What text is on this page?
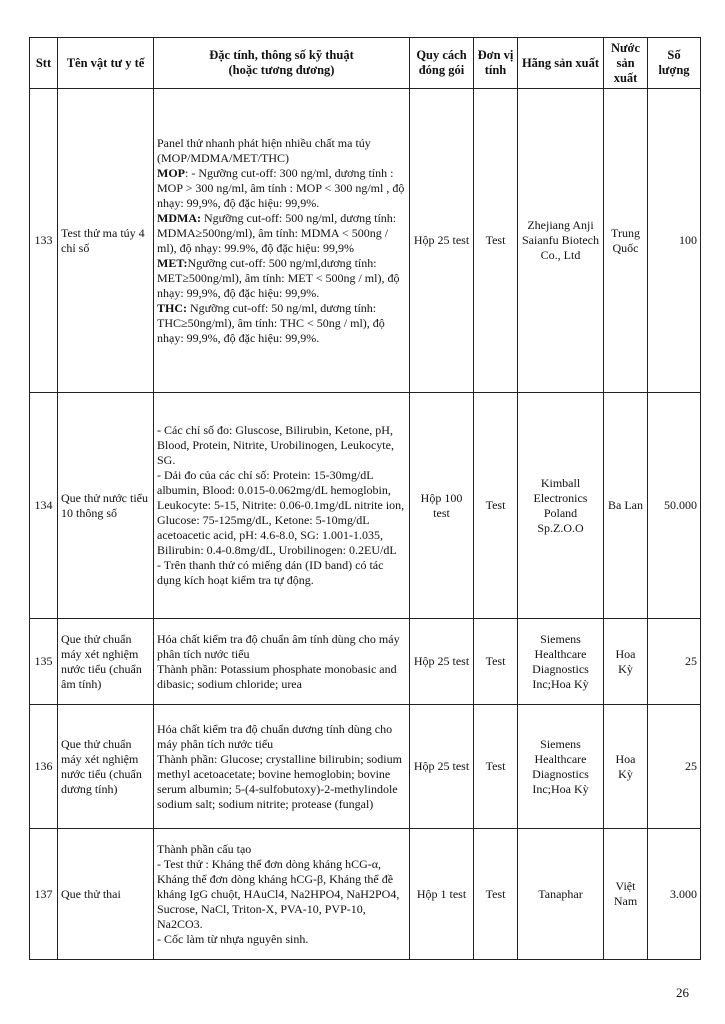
Stt	Tên vật tư y tế	Đặc tính, thông số kỹ thuật
(hoặc tương đương)	Quy cách đóng gói	Đơn vị tính	Hãng sản xuất	Nước sản xuất	Số lượng
133	Test thử ma túy 4 chỉ số	Panel thử nhanh phát hiện nhiều chất ma túy (MOP/MDMA/MET/THC)
MOP: - Ngưỡng cut-off: 300 ng/ml, dương tính : MOP > 300 ng/ml, âm tính : MOP < 300 ng/ml , độ nhạy: 99,9%, độ đặc hiệu: 99,9%.
MDMA: Ngưỡng cut-off: 500 ng/ml, dương tính: MDMA≥500ng/ml), âm tính: MDMA < 500ng / ml), độ nhạy: 99.9%, độ đặc hiệu: 99,9%
MET:Ngưỡng cut-off: 500 ng/ml,dương tính: MET≥500ng/ml), âm tính: MET < 500ng / ml), độ nhạy: 99,9%, độ đặc hiệu: 99,9%.
THC: Ngưỡng cut-off: 50 ng/ml, dương tính: THC≥50ng/ml), âm tính: THC < 50ng / ml), độ nhạy: 99,9%, độ đặc hiệu: 99,9%.	Hộp 25 test	Test	Zhejiang Anji Saianfu Biotech Co., Ltd	Trung Quốc	100
134	Que thử nước tiểu 10 thông số	- Các chỉ số đo: Gluscose, Bilirubin, Ketone, pH, Blood, Protein, Nitrite, Urobilinogen, Leukocyte, SG.
- Dải đo của các chỉ số: Protein: 15-30mg/dL albumin, Blood: 0.015-0.062mg/dL hemoglobin, Leukocyte: 5-15, Nitrite: 0.06-0.1mg/dL nitrite ion, Glucose: 75-125mg/dL, Ketone: 5-10mg/dL acetoacetic acid, pH: 4.6-8.0, SG: 1.001-1.035, Bilirubin: 0.4-0.8mg/dL, Urobilinogen: 0.2EU/dL
- Trên thanh thử có miếng dán (ID band) có tác dụng kích hoạt kiểm tra tự động.	Hộp 100 test	Test	Kimball Electronics Poland Sp.Z.O.O	Ba Lan	50.000
135	Que thử chuẩn máy xét nghiệm nước tiểu (chuẩn âm tính)	Hóa chất kiểm tra độ chuẩn âm tính dùng cho máy phân tích nước tiểu
Thành phần: Potassium phosphate monobasic and dibasic; sodium chloride; urea	Hộp 25 test	Test	Siemens Healthcare Diagnostics Inc;Hoa Kỳ	Hoa Kỳ	25
136	Que thử chuẩn máy xét nghiệm nước tiểu (chuẩn dương tính)	Hóa chất kiểm tra độ chuẩn dương tính dùng cho máy phân tích nước tiểu
Thành phần: Glucose; crystalline bilirubin; sodium methyl acetoacetate; bovine hemoglobin; bovine serum albumin; 5-(4-sulfobutoxy)-2-methylindole sodium salt; sodium nitrite; protease (fungal)	Hộp 25 test	Test	Siemens Healthcare Diagnostics Inc;Hoa Kỳ	Hoa Kỳ	25
137	Que thử thai	Thành phần cấu tạo
- Test thử : Kháng thể đơn dòng kháng hCG-α, Kháng thể đơn dòng kháng hCG-β, Kháng thể đề kháng IgG chuột, HAuCl4, Na2HPO4, NaH2PO4, Sucrose, NaCl, Triton-X, PVA-10, PVP-10, Na2CO3.
- Cốc làm từ nhựa nguyên sinh.	Hộp 1 test	Test	Tanaphar	Việt Nam	3.000
26
